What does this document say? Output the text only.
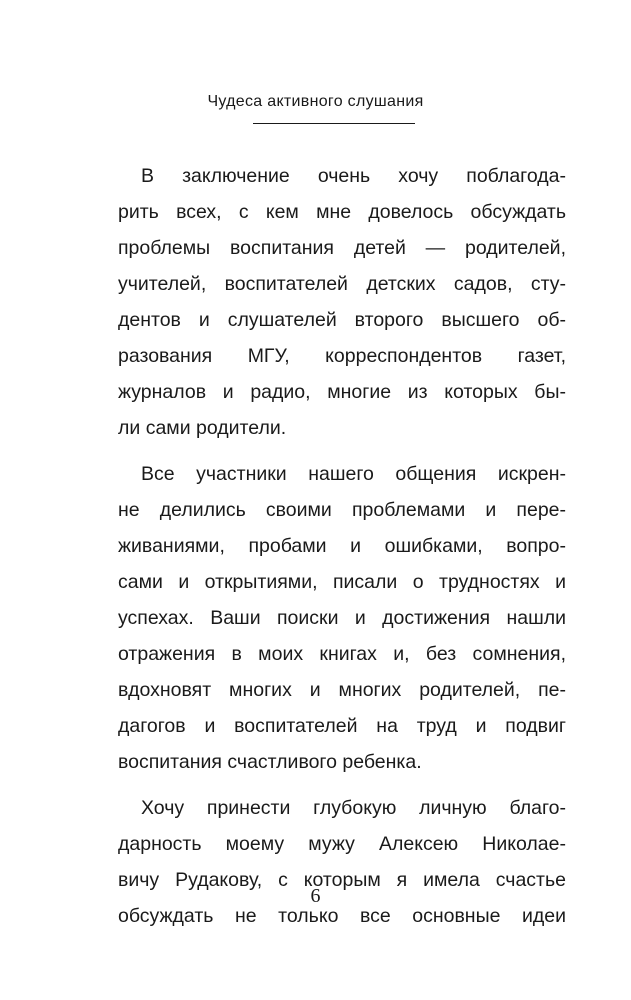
Чудеса активного слушания
В заключение очень хочу поблагода-
рить всех, с кем мне довелось обсуждать
проблемы воспитания детей — родителей,
учителей, воспитателей детских садов, сту-
дентов и слушателей второго высшего об-
разования МГУ, корреспондентов газет,
журналов и радио, многие из которых бы-
ли сами родители.
Все участники нашего общения искрен-
не делились своими проблемами и пере-
живаниями, пробами и ошибками, вопро-
сами и открытиями, писали о трудностях и
успехах. Ваши поиски и достижения нашли
отражения в моих книгах и, без сомнения,
вдохновят многих и многих родителей, пе-
дагогов и воспитателей на труд и подвиг
воспитания счастливого ребенка.
Хочу принести глубокую личную благо-
дарность моему мужу Алексею Николае-
вичу Рудакову, с которым я имела счастье
обсуждать не только все основные идеи
6
